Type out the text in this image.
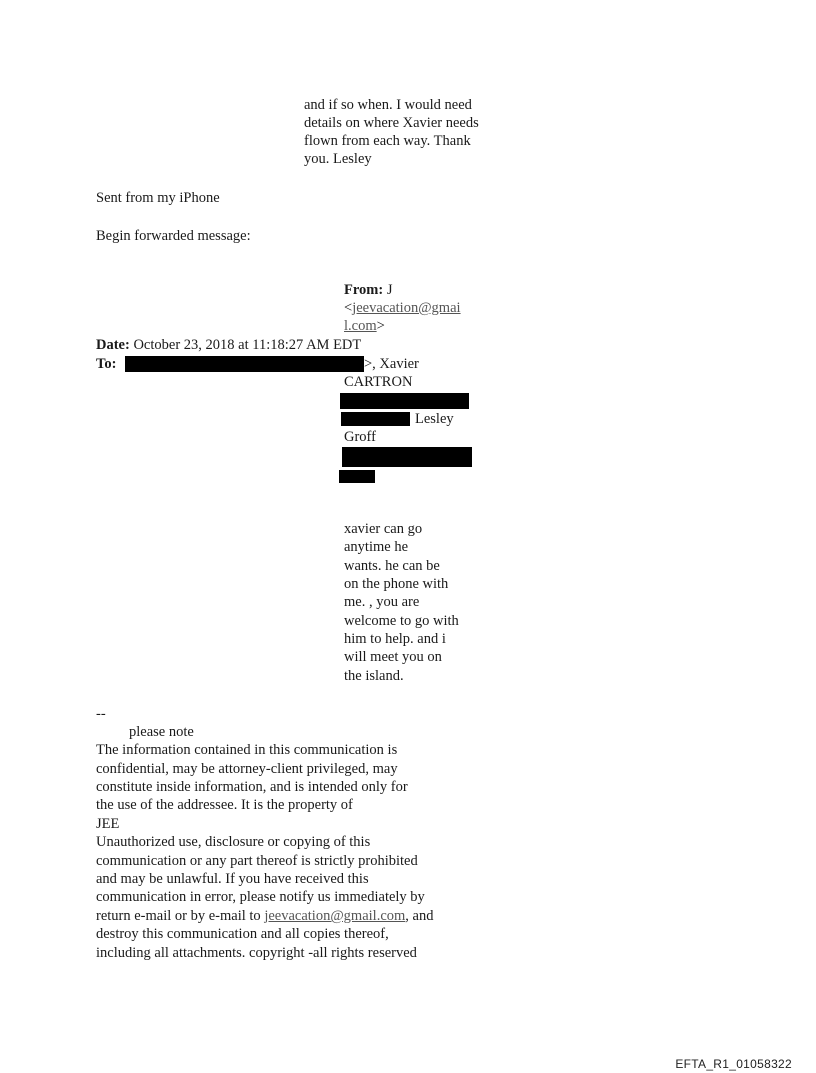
and if so when. I would need
details on where Xavier needs
flown from each way. Thank
you. Lesley
Sent from my iPhone
Begin forwarded message:
From: J
<jeevacation@gmai
l.com>
Date: October 23, 2018 at 11:18:27 AM EDT
To:	>, Xavier
CARTRON
Lesley
Groff
xavier can go
anytime he
wants. he can be
on the phone with
me. , you are
welcome to go with
him to help. and i
will meet you on
the island.
--
please note
The information contained in this communication is
confidential, may be attorney-client privileged, may
constitute inside information, and is intended only for
the use of the addressee. It is the property of
JEE
Unauthorized use, disclosure or copying of this
communication or any part thereof is strictly prohibited
and may be unlawful. If you have received this
communication in error, please notify us immediately by
return e-mail or by e-mail to jeevacation@gmail.com, and
destroy this communication and all copies thereof,
including all attachments. copyright -all rights reserved
EFTA_R1_01058322
